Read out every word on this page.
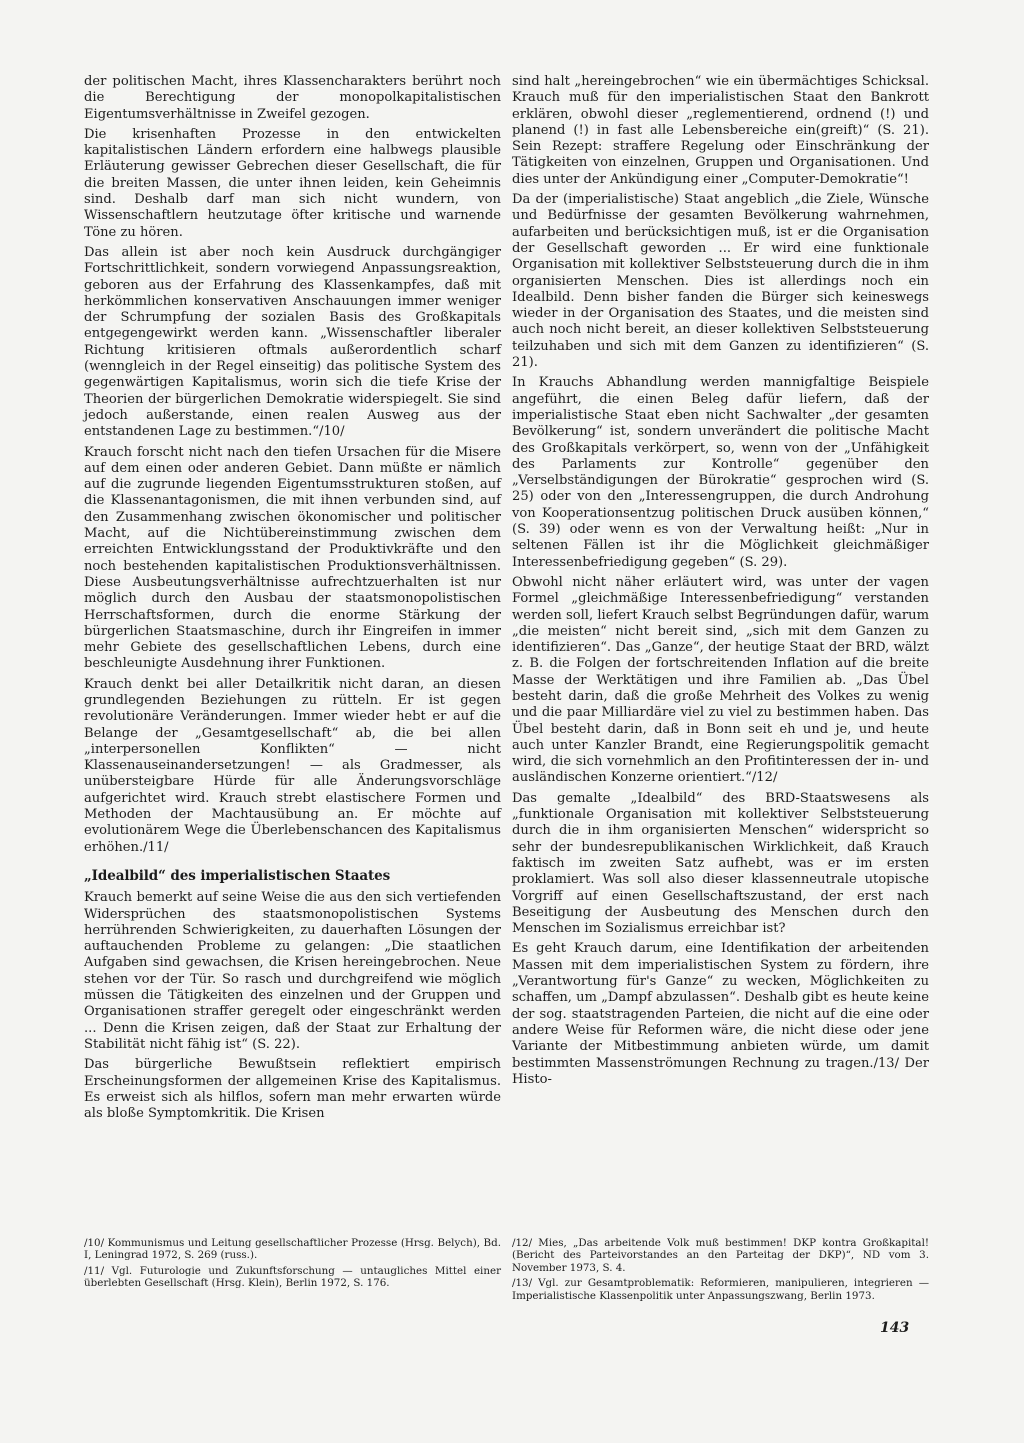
der politischen Macht, ihres Klassencharakters berührt noch die Berechtigung der monopolkapitalistischen Eigentumsverhältnisse in Zweifel gezogen.

Die krisenhaften Prozesse in den entwickelten kapitalistischen Ländern erfordern eine halbwegs plausible Erläuterung gewisser Gebrechen dieser Gesellschaft, die für die breiten Massen, die unter ihnen leiden, kein Geheimnis sind. Deshalb darf man sich nicht wundern, von Wissenschaftlern heutzutage öfter kritische und warnende Töne zu hören.

Das allein ist aber noch kein Ausdruck durchgängiger Fortschrittlichkeit, sondern vorwiegend Anpassungsreaktion, geboren aus der Erfahrung des Klassenkampfes, daß mit herkömmlichen konservativen Anschauungen immer weniger der Schrumpfung der sozialen Basis des Großkapitals entgegengewirkt werden kann. „Wissenschaftler liberaler Richtung kritisieren oftmals außerordentlich scharf (wenngleich in der Regel einseitig) das politische System des gegenwärtigen Kapitalismus, worin sich die tiefe Krise der Theorien der bürgerlichen Demokratie widerspiegelt. Sie sind jedoch außerstande, einen realen Ausweg aus der entstandenen Lage zu bestimmen.“/10/

Krauch forscht nicht nach den tiefen Ursachen für die Misere auf dem einen oder anderen Gebiet. Dann müßte er nämlich auf die zugrunde liegenden Eigentumsstrukturen stoßen, auf die Klassenantagonismen, die mit ihnen verbunden sind, auf den Zusammenhang zwischen ökonomischer und politischer Macht, auf die Nichtübereinstimmung zwischen dem erreichten Entwicklungsstand der Produktivkräfte und den noch bestehenden kapitalistischen Produktionsverhältnissen. Diese Ausbeutungsverhältnisse aufrechtzuerhalten ist nur möglich durch den Ausbau der staatsmonopolistischen Herrschaftsformen, durch die enorme Stärkung der bürgerlichen Staatsmaschine, durch ihr Eingreifen in immer mehr Gebiete des gesellschaftlichen Lebens, durch eine beschleunigte Ausdehnung ihrer Funktionen.

Krauch denkt bei aller Detailkritik nicht daran, an diesen grundlegenden Beziehungen zu rütteln. Er ist gegen revolutionäre Veränderungen. Immer wieder hebt er auf die Belange der „Gesamtgesellschaft“ ab, die bei allen „interpersonellen Konflikten“ — nicht Klassenauseinandersetzungen! — als Gradmesser, als unübersteigbare Hürde für alle Änderungsvorschläge aufgerichtet wird. Krauch strebt elastischere Formen und Methoden der Machtausübung an. Er möchte auf evolutionärem Wege die Überlebenschancen des Kapitalismus erhöhen./11/

„Idealbild“ des imperialistischen Staates

Krauch bemerkt auf seine Weise die aus den sich vertiefenden Widersprüchen des staatsmonopolistischen Systems herrührenden Schwierigkeiten, zu dauerhaften Lösungen der auftauchenden Probleme zu gelangen: „Die staatlichen Aufgaben sind gewachsen, die Krisen hereingebrochen. Neue stehen vor der Tür. So rasch und durchgreifend wie möglich müssen die Tätigkeiten des einzelnen und der Gruppen und Organisationen straffer geregelt oder eingeschränkt werden ... Denn die Krisen zeigen, daß der Staat zur Erhaltung der Stabilität nicht fähig ist“ (S. 22).

Das bürgerliche Bewußtsein reflektiert empirisch Erscheinungsformen der allgemeinen Krise des Kapitalismus. Es erweist sich als hilflos, sofern man mehr erwarten würde als bloße Symptomkritik. Die Krisen

sind halt „hereingebrochen“ wie ein übermächtiges Schicksal. Krauch muß für den imperialistischen Staat den Bankrott erklären, obwohl dieser „reglementierend, ordnend (!) und planend (!) in fast alle Lebensbereiche ein(greift)“ (S. 21). Sein Rezept: straffere Regelung oder Einschränkung der Tätigkeiten von einzelnen, Gruppen und Organisationen. Und dies unter der Ankündigung einer „Computer-Demokratie“!

Da der (imperialistische) Staat angeblich „die Ziele, Wünsche und Bedürfnisse der gesamten Bevölkerung wahrnehmen, aufarbeiten und berücksichtigen muß, ist er die Organisation der Gesellschaft geworden ... Er wird eine funktionale Organisation mit kollektiver Selbststeuerung durch die in ihm organisierten Menschen. Dies ist allerdings noch ein Idealbild. Denn bisher fanden die Bürger sich keineswegs wieder in der Organisation des Staates, und die meisten sind auch noch nicht bereit, an dieser kollektiven Selbststeuerung teilzuhaben und sich mit dem Ganzen zu identifizieren“ (S. 21).

In Krauchs Abhandlung werden mannigfaltige Beispiele angeführt, die einen Beleg dafür liefern, daß der imperialistische Staat eben nicht Sachwalter „der gesamten Bevölkerung“ ist, sondern unverändert die politische Macht des Großkapitals verkörpert, so, wenn von der „Unfähigkeit des Parlaments zur Kontrolle“ gegenüber den „Verselbständigungen der Bürokratie“ gesprochen wird (S. 25) oder von den „Interessengruppen, die durch Androhung von Kooperationsentzug politischen Druck ausüben können,“ (S. 39) oder wenn es von der Verwaltung heißt: „Nur in seltenen Fällen ist ihr die Möglichkeit gleichmäßiger Interessenbefriedigung gegeben“ (S. 29).

Obwohl nicht näher erläutert wird, was unter der vagen Formel „gleichmäßige Interessenbefriedigung“ verstanden werden soll, liefert Krauch selbst Begründungen dafür, warum „die meisten“ nicht bereit sind, „sich mit dem Ganzen zu identifizieren“. Das „Ganze“, der heutige Staat der BRD, wälzt z. B. die Folgen der fortschreitenden Inflation auf die breite Masse der Werktätigen und ihre Familien ab. „Das Übel besteht darin, daß die große Mehrheit des Volkes zu wenig und die paar Milliardäre viel zu viel zu bestimmen haben. Das Übel besteht darin, daß in Bonn seit eh und je, und heute auch unter Kanzler Brandt, eine Regierungspolitik gemacht wird, die sich vornehmlich an den Profitinteressen der in- und ausländischen Konzerne orientiert.“/12/

Das gemalte „Idealbild“ des BRD-Staatswesens als „funktionale Organisation mit kollektiver Selbststeuerung durch die in ihm organisierten Menschen“ widerspricht so sehr der bundesrepublikanischen Wirklichkeit, daß Krauch faktisch im zweiten Satz aufhebt, was er im ersten proklamiert. Was soll also dieser klassenneutrale utopische Vorgriff auf einen Gesellschaftszustand, der erst nach Beseitigung der Ausbeutung des Menschen durch den Menschen im Sozialismus erreichbar ist?

Es geht Krauch darum, eine Identifikation der arbeitenden Massen mit dem imperialistischen System zu fördern, ihre „Verantwortung für's Ganze“ zu wecken, Möglichkeiten zu schaffen, um „Dampf abzulassen“. Deshalb gibt es heute keine der sog. staatstragenden Parteien, die nicht auf die eine oder andere Weise für Reformen wäre, die nicht diese oder jene Variante der Mitbestimmung anbieten würde, um damit bestimmten Massenströmungen Rechnung zu tragen./13/ Der Histo-

/10/ Kommunismus und Leitung gesellschaftlicher Prozesse (Hrsg. Belych), Bd. I, Leningrad 1972, S. 269 (russ.).

/11/ Vgl. Futurologie und Zukunftsforschung — untaugliches Mittel einer überlebten Gesellschaft (Hrsg. Klein), Berlin 1972, S. 176.

/12/ Mies, „Das arbeitende Volk muß bestimmen! DKP kontra Großkapital! (Bericht des Parteivorstandes an den Parteitag der DKP)“, ND vom 3. November 1973, S. 4.

/13/ Vgl. zur Gesamtproblematik: Reformieren, manipulieren, integrieren — Imperialistische Klassenpolitik unter Anpassungszwang, Berlin 1973.

143
